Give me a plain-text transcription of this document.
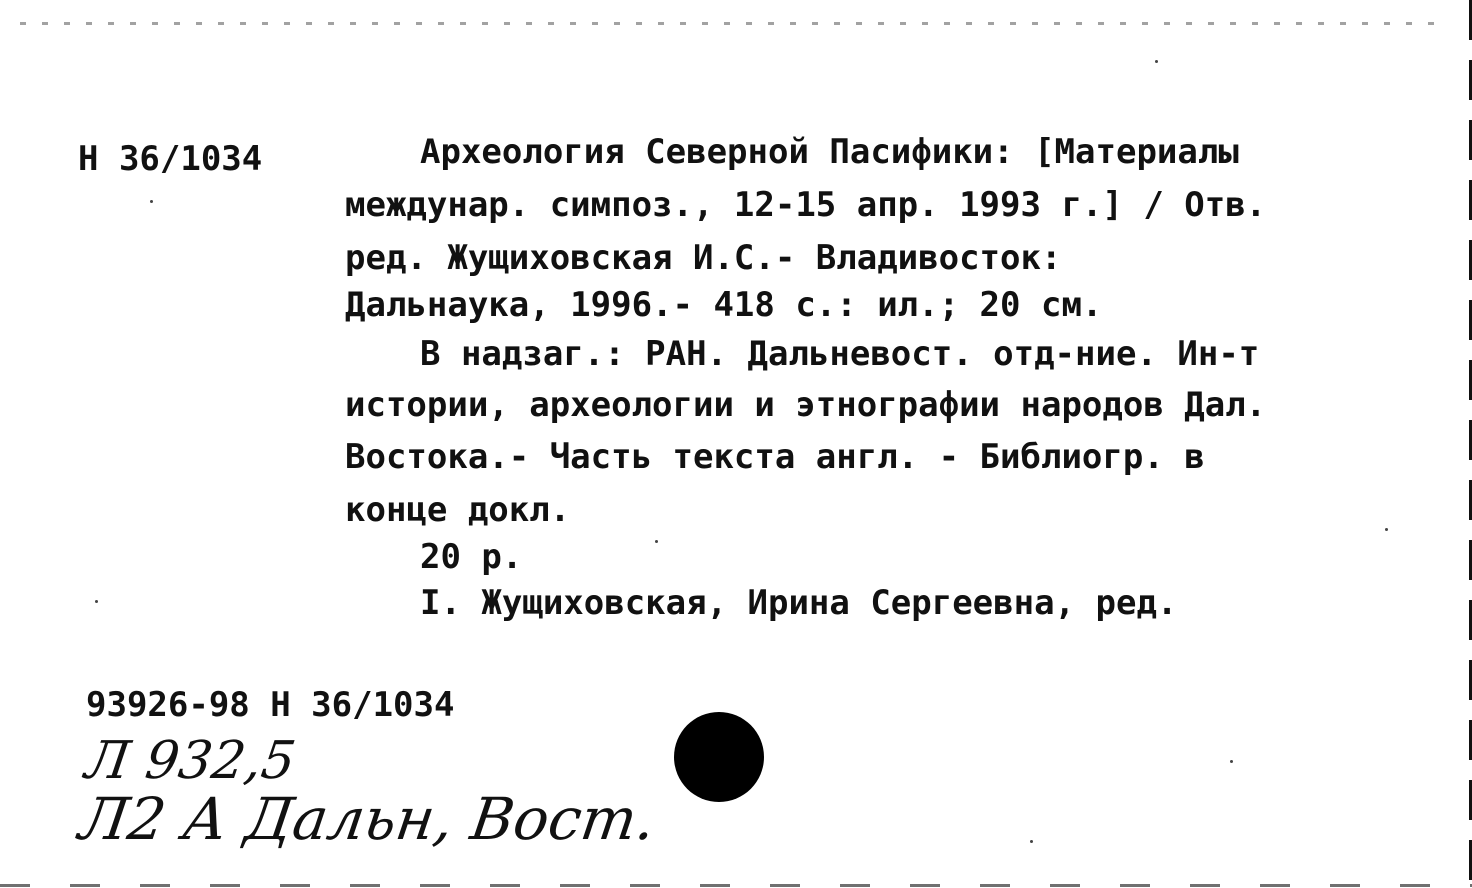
Н 36/1034	Археология Северной Пасифики: [Материалы
междунар. симпоз., 12-15 апр. 1993 г.] / Отв.
ред. Жущиховская И.С.- Владивосток:
Дальнаука, 1996.- 418 с.: ил.; 20 см.
В надзаг.: РАН. Дальневост. отд-ние. Ин-т
истории, археологии и этнографии народов Дал.
Востока.- Часть текста англ. - Библиогр. в
конце докл.
20 р.
I. Жущиховская, Ирина Сергеевна, ред.
93926-98 Н 36/1034
Л 932,5
Л2 А Дальн, Вост.
